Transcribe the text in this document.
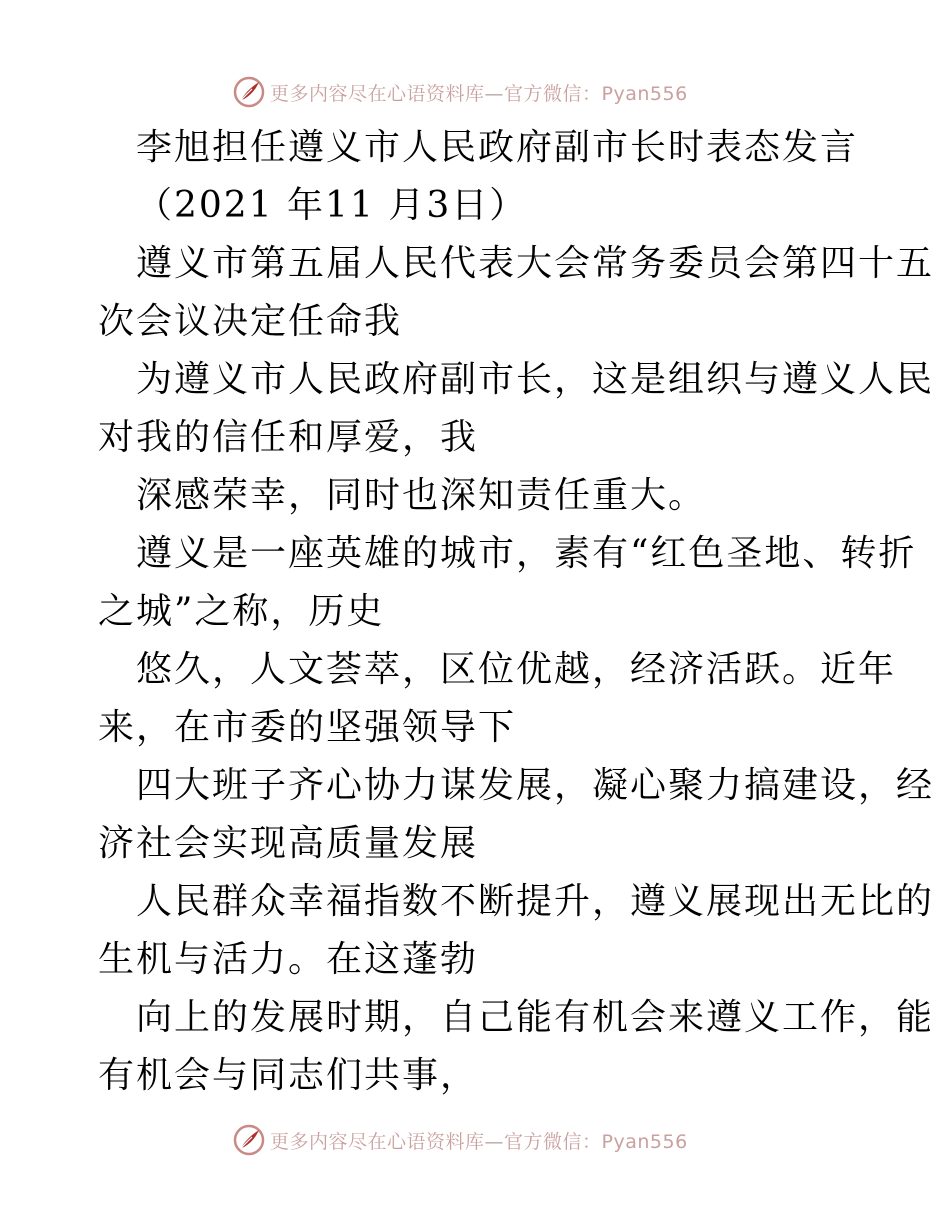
更多内容尽在心语资料库—官方微信：Pyan556
李旭担任遵义市人民政府副市长时表态发言
（2021 年11 月3日）
遵义市第五届人民代表大会常务委员会第四十五
次会议决定任命我
为遵义市人民政府副市长，这是组织与遵义人民
对我的信任和厚爱，我
深感荣幸，同时也深知责任重大。
遵义是一座英雄的城市，素有“红色圣地、转折
之城”之称，历史
悠久，人文荟萃，区位优越，经济活跃。近年
来，在市委的坚强领导下
四大班子齐心协力谋发展，凝心聚力搞建设，经
济社会实现高质量发展
人民群众幸福指数不断提升，遵义展现出无比的
生机与活力。在这蓬勃
向上的发展时期，自己能有机会来遵义工作，能
有机会与同志们共事，
更多内容尽在心语资料库—官方微信：Pyan556
